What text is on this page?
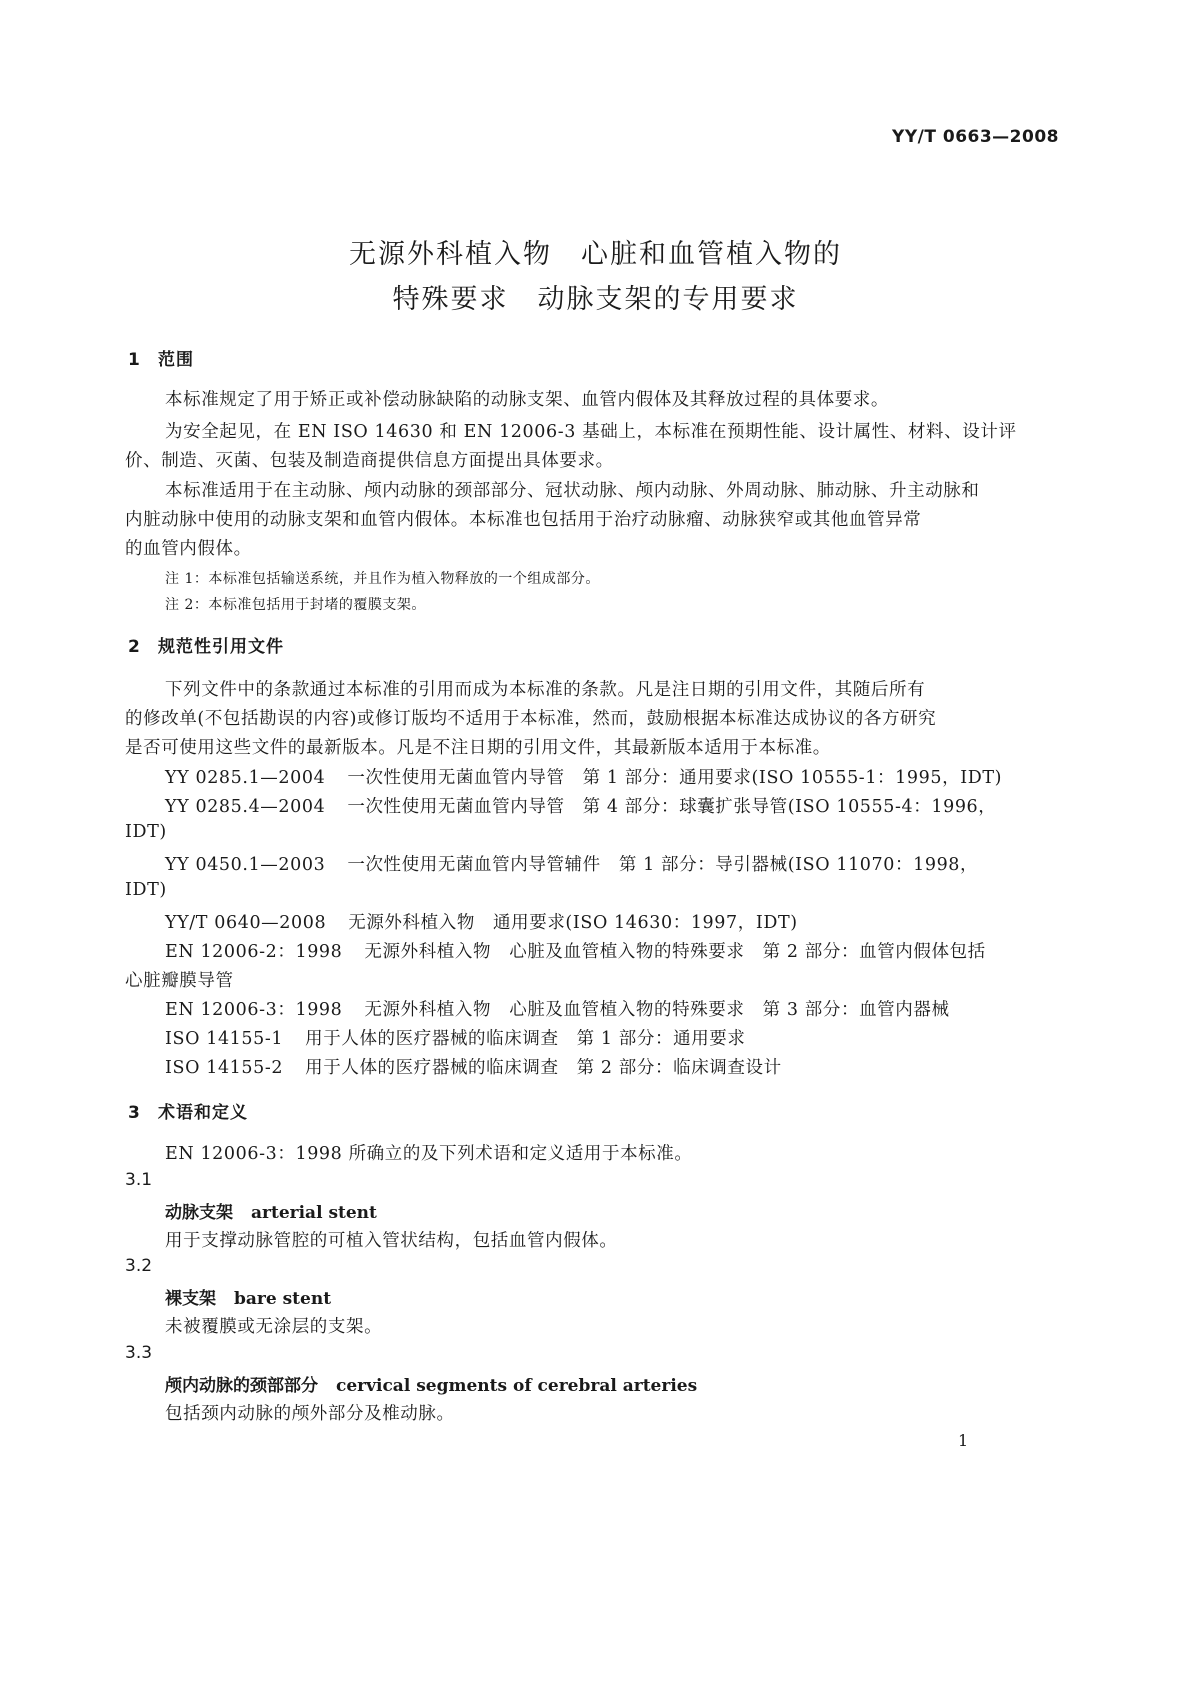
YY/T 0663—2008
无源外科植入物　心脏和血管植入物的
特殊要求　动脉支架的专用要求
1 范围
本标准规定了用于矫正或补偿动脉缺陷的动脉支架、血管内假体及其释放过程的具体要求。
为安全起见，在 EN ISO 14630 和 EN 12006-3 基础上，本标准在预期性能、设计属性、材料、设计评
价、制造、灭菌、包装及制造商提供信息方面提出具体要求。
本标准适用于在主动脉、颅内动脉的颈部部分、冠状动脉、颅内动脉、外周动脉、肺动脉、升主动脉和
内脏动脉中使用的动脉支架和血管内假体。本标准也包括用于治疗动脉瘤、动脉狭窄或其他血管异常
的血管内假体。
注 1：本标准包括输送系统，并且作为植入物释放的一个组成部分。
注 2：本标准包括用于封堵的覆膜支架。
2 规范性引用文件
下列文件中的条款通过本标准的引用而成为本标准的条款。凡是注日期的引用文件，其随后所有
的修改单(不包括勘误的内容)或修订版均不适用于本标准，然而，鼓励根据本标准达成协议的各方研究
是否可使用这些文件的最新版本。凡是不注日期的引用文件，其最新版本适用于本标准。
YY 0285.1—2004 一次性使用无菌血管内导管　第 1 部分：通用要求(ISO 10555-1：1995，IDT)
YY 0285.4—2004 一次性使用无菌血管内导管　第 4 部分：球囊扩张导管(ISO 10555-4：1996，
IDT)
YY 0450.1—2003 一次性使用无菌血管内导管辅件　第 1 部分：导引器械(ISO 11070：1998，
IDT)
YY/T 0640—2008 无源外科植入物　通用要求(ISO 14630：1997，IDT)
EN 12006-2：1998 无源外科植入物　心脏及血管植入物的特殊要求　第 2 部分：血管内假体包括
心脏瓣膜导管
EN 12006-3：1998 无源外科植入物　心脏及血管植入物的特殊要求　第 3 部分：血管内器械
ISO 14155-1 用于人体的医疗器械的临床调查　第 1 部分：通用要求
ISO 14155-2 用于人体的医疗器械的临床调查　第 2 部分：临床调查设计
3 术语和定义
EN 12006-3：1998 所确立的及下列术语和定义适用于本标准。
3.1
动脉支架 arterial stent
用于支撑动脉管腔的可植入管状结构，包括血管内假体。
3.2
裸支架 bare stent
未被覆膜或无涂层的支架。
3.3
颅内动脉的颈部部分 cervical segments of cerebral arteries
包括颈内动脉的颅外部分及椎动脉。
1
